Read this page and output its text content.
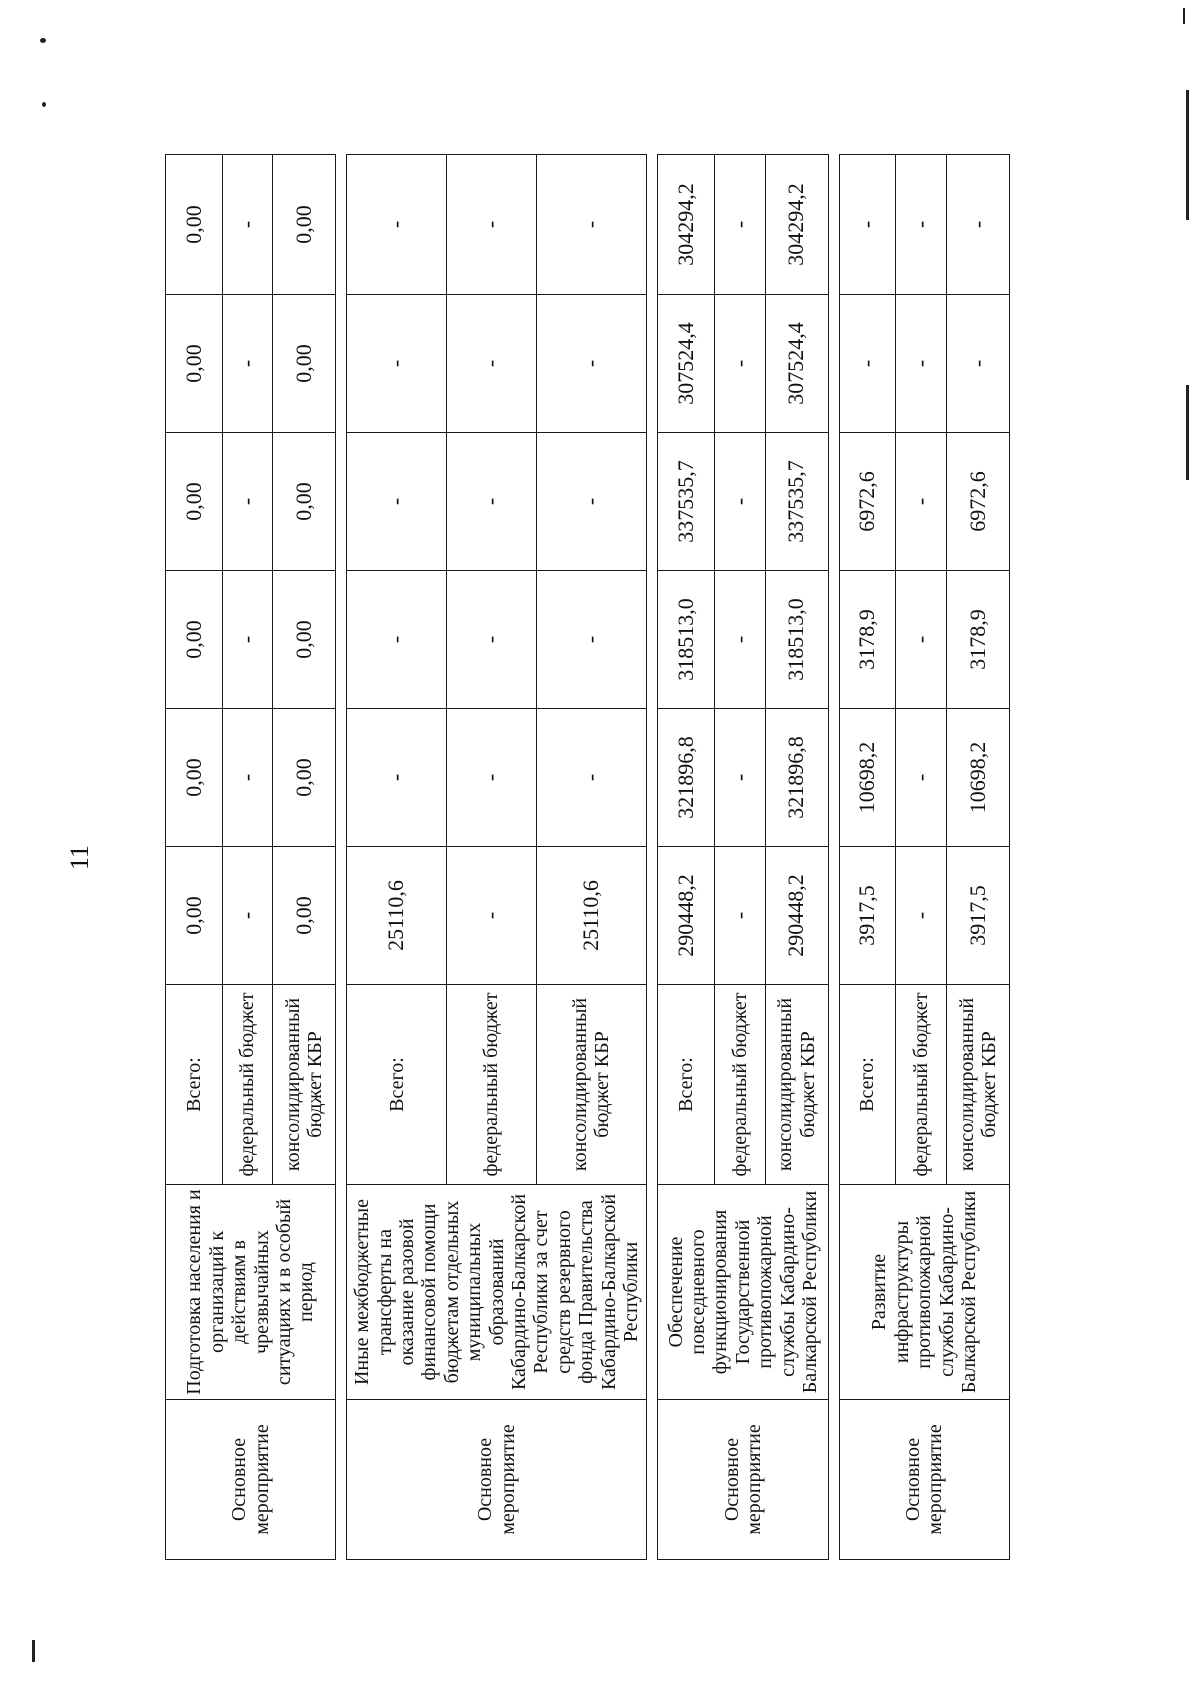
11
Основное мероприятие	Подготовка населения и организаций к действиям в чрезвычайных ситуациях и в особый период	Всего:	0,00	0,00	0,00	0,00	0,00	0,00
		федеральный бюджет	-	-	-	-	-	-
		консолидированный бюджет КБР	0,00	0,00	0,00	0,00	0,00	0,00

Основное мероприятие	Иные межбюджетные трансферты на оказание разовой финансовой помощи бюджетам отдельных муниципальных образований Кабардино-Балкарской Республики за счет средств резервного фонда Правительства Кабардино-Балкарской Республики	Всего:	25110,6	-	-	-	-	-
		федеральный бюджет	-	-	-	-	-	-
		консолидированный бюджет КБР	25110,6	-	-	-	-	-

Основное мероприятие	Обеспечение повседневного функционирования Государственной противопожарной службы Кабардино-Балкарской Республики	Всего:	290448,2	321896,8	318513,0	337535,7	307524,4	304294,2
		федеральный бюджет	-	-	-	-	-	-
		консолидированный бюджет КБР	290448,2	321896,8	318513,0	337535,7	307524,4	304294,2

Основное мероприятие	Развитие инфраструктуры противопожарной службы Кабардино-Балкарской Республики	Всего:	3917,5	10698,2	3178,9	6972,6	-	-
		федеральный бюджет	-	-	-	-	-	-
		консолидированный бюджет КБР	3917,5	10698,2	3178,9	6972,6	-	-
